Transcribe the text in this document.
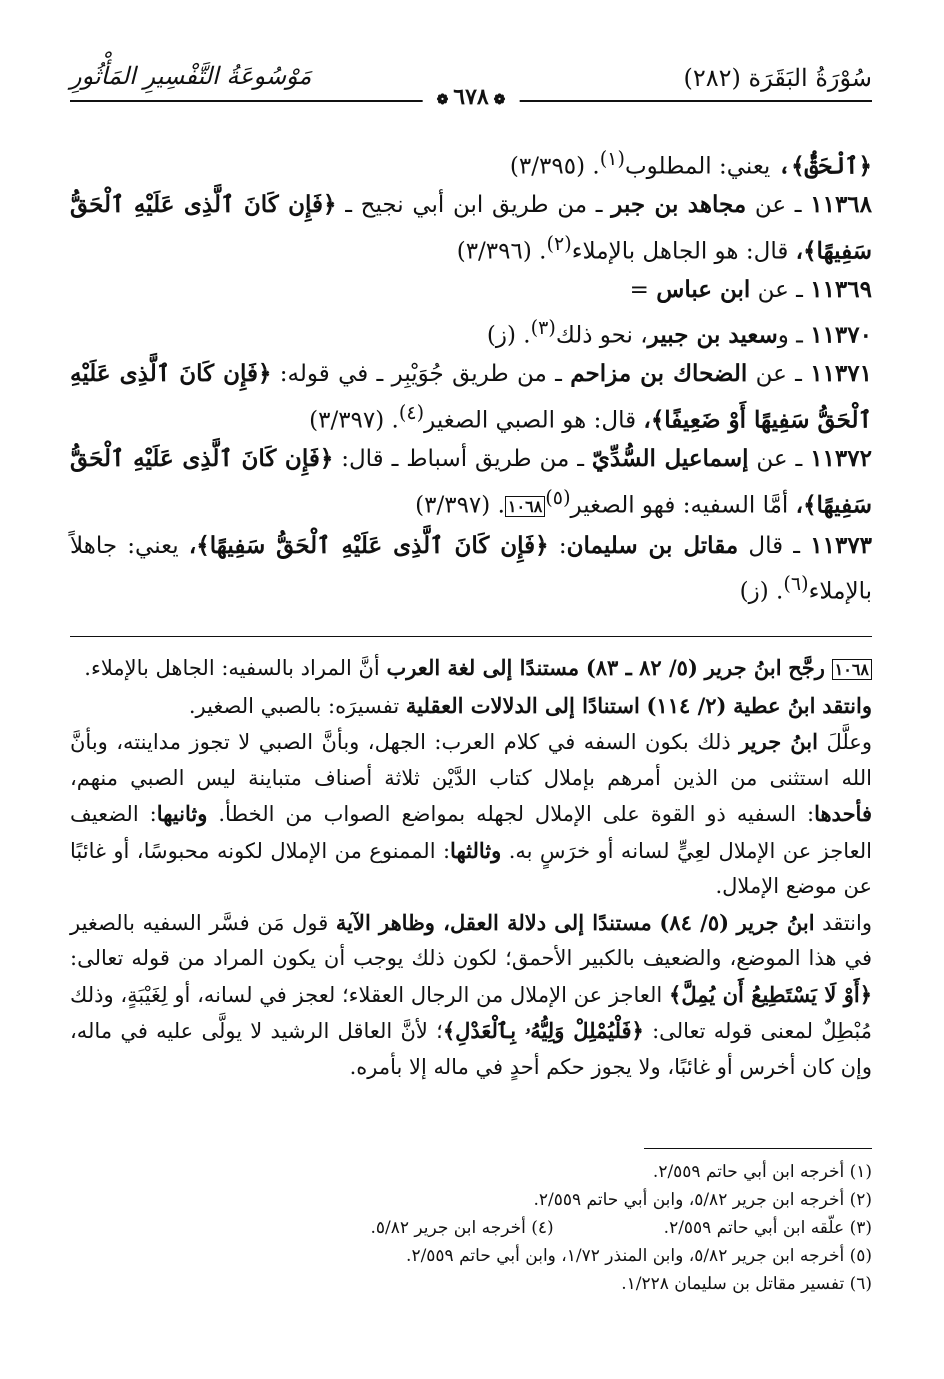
سُوْرَةُ البَقَرَة (٢٨٢)
مَوْسُوعَةُ التَّفْسِيرِ المَأْثُورِ
❁ ٦٧٨ ❁

﴿ٱلْحَقُّ﴾، يعني: المطلوب$^{(١)}$. (٣/٣٩٥)

١١٣٦٨ ـ عن مجاهد بن جبر ـ من طريق ابن أبي نجيح ـ ﴿فَإِن كَانَ ٱلَّذِى عَلَيْهِ ٱلْحَقُّ سَفِيهًا﴾، قال: هو الجاهل بالإملاء$^{(٢)}$. (٣/٣٩٦)

١١٣٦٩ ـ عن ابن عباس =

١١٣٧٠ ـ وسعيد بن جبير، نحو ذلك$^{(٣)}$. (ز)

١١٣٧١ ـ عن الضحاك بن مزاحم ـ من طريق جُوَيْبِر ـ في قوله: ﴿فَإِن كَانَ ٱلَّذِى عَلَيْهِ ٱلْحَقُّ سَفِيهًا أَوْ ضَعِيفًا﴾، قال: هو الصبي الصغير$^{(٤)}$. (٣/٣٩٧)

١١٣٧٢ ـ عن إسماعيل السُّدِّيّ ـ من طريق أسباط ـ قال: ﴿فَإِن كَانَ ٱلَّذِى عَلَيْهِ ٱلْحَقُّ سَفِيهًا﴾، أمَّا السفيه: فهو الصغير$^{(٥)}$١٠٦٨. (٣/٣٩٧)

١١٣٧٣ ـ قال مقاتل بن سليمان: ﴿فَإِن كَانَ ٱلَّذِى عَلَيْهِ ٱلْحَقُّ سَفِيهًا﴾، يعني: جاهلاً بالإملاء$^{(٦)}$. (ز)

١٠٦٨ رجَّح ابنُ جرير (٥/ ٨٢ ـ ٨٣) مستندًا إلى لغة العرب أنَّ المراد بالسفيه: الجاهل بالإملاء.

وانتقد ابنُ عطية (٢/ ١١٤) استنادًا إلى الدلالات العقلية تفسيرَه: بالصبي الصغير.

وعلَّلَ ابنُ جرير ذلك بكون السفه في كلام العرب: الجهل، وبأنَّ الصبي لا تجوز مداينته، وبأنَّ الله استثنى من الذين أمرهم بإملال كتاب الدَّيْن ثلاثة أصناف متباينة ليس الصبي منهم، فأحدها: السفيه ذو القوة على الإملال لجهله بمواضع الصواب من الخطأ. وثانيها: الضعيف العاجز عن الإملال لعِيٍّ لسانه أو خرَسٍ به. وثالثها: الممنوع من الإملال لكونه محبوسًا، أو غائبًا عن موضع الإملال.

وانتقد ابنُ جرير (٥/ ٨٤) مستندًا إلى دلالة العقل، وظاهر الآية قول مَن فسَّر السفيه بالصغير في هذا الموضع، والضعيف بالكبير الأحمق؛ لكون ذلك يوجب أن يكون المراد من قوله تعالى: ﴿أَوْ لَا يَسْتَطِيعُ أَن يُمِلَّ﴾ العاجز عن الإملال من الرجال العقلاء؛ لعجز في لسانه، أو لِغَيْبَةٍ، وذلك مُبْطِلٌ لمعنى قوله تعالى: ﴿فَلْيُمْلِلْ وَلِيُّهُۥ بِٱلْعَدْلِ﴾؛ لأنَّ العاقل الرشيد لا يولَّى عليه في ماله، وإن كان أخرس أو غائبًا، ولا يجوز حكم أحدٍ في ماله إلا بأمره.

(١) أخرجه ابن أبي حاتم ٢/٥٥٩.

(٢) أخرجه ابن جرير ٥/٨٢، وابن أبي حاتم ٢/٥٥٩.

(٣) علّقه ابن أبي حاتم ٢/٥٥٩.
(٤) أخرجه ابن جرير ٥/٨٢.

(٥) أخرجه ابن جرير ٥/٨٢، وابن المنذر ١/٧٢، وابن أبي حاتم ٢/٥٥٩.

(٦) تفسير مقاتل بن سليمان ١/٢٢٨.
